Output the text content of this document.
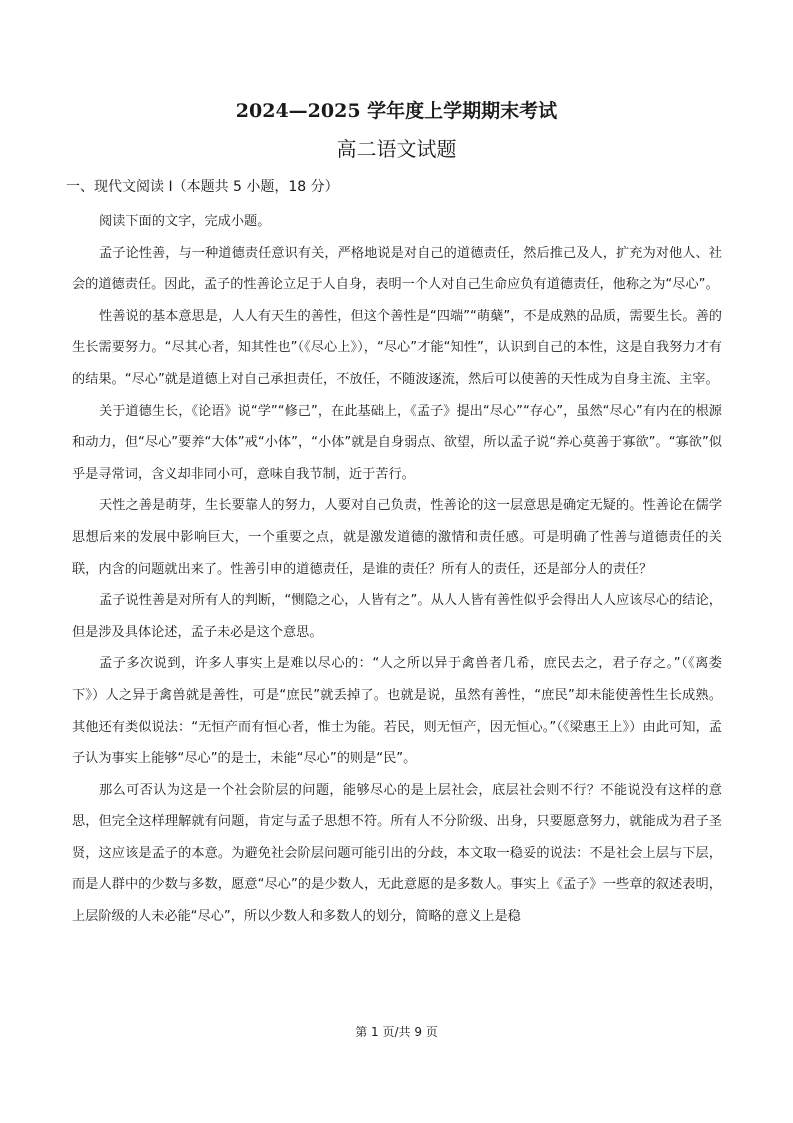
2024—2025 学年度上学期期末考试
高二语文试题
一、现代文阅读 I（本题共 5 小题，18 分）

阅读下面的文字，完成小题。

孟子论性善，与一种道德责任意识有关，严格地说是对自己的道德责任，然后推己及人，扩充为对他人、社会的道德责任。因此，孟子的性善论立足于人自身，表明一个人对自己生命应负有道德责任，他称之为“尽心”。

性善说的基本意思是，人人有天生的善性，但这个善性是“四端”“萌蘖”，不是成熟的品质，需要生长。善的生长需要努力。“尽其心者，知其性也”（《尽心上》），“尽心”才能“知性”，认识到自己的本性，这是自我努力才有的结果。“尽心”就是道德上对自己承担责任，不放任，不随波逐流，然后可以使善的天性成为自身主流、主宰。

关于道德生长，《论语》说“学”“修己”，在此基础上，《孟子》提出“尽心”“存心”，虽然“尽心”有内在的根源和动力，但“尽心”要养“大体”戒“小体”，“小体”就是自身弱点、欲望，所以孟子说“养心莫善于寡欲”。“寡欲”似乎是寻常词，含义却非同小可，意味自我节制，近于苦行。

天性之善是萌芽，生长要靠人的努力，人要对自己负责，性善论的这一层意思是确定无疑的。性善论在儒学思想后来的发展中影响巨大，一个重要之点，就是激发道德的激情和责任感。可是明确了性善与道德责任的关联，内含的问题就出来了。性善引申的道德责任，是谁的责任？所有人的责任，还是部分人的责任？

孟子说性善是对所有人的判断，“恻隐之心，人皆有之”。从人人皆有善性似乎会得出人人应该尽心的结论，但是涉及具体论述，孟子未必是这个意思。

孟子多次说到，许多人事实上是难以尽心的：“人之所以异于禽兽者几希，庶民去之，君子存之。”（《离娄下》）人之异于禽兽就是善性，可是“庶民”就丢掉了。也就是说，虽然有善性，“庶民”却未能使善性生长成熟。其他还有类似说法：“无恒产而有恒心者，惟士为能。若民，则无恒产，因无恒心。”（《梁惠王上》）由此可知，孟子认为事实上能够“尽心”的是士，未能“尽心”的则是“民”。

那么可否认为这是一个社会阶层的问题，能够尽心的是上层社会，底层社会则不行？不能说没有这样的意思，但完全这样理解就有问题，肯定与孟子思想不符。所有人不分阶级、出身，只要愿意努力，就能成为君子圣贤，这应该是孟子的本意。为避免社会阶层问题可能引出的分歧，本文取一稳妥的说法：不是社会上层与下层，而是人群中的少数与多数，愿意“尽心”的是少数人，无此意愿的是多数人。事实上《孟子》一些章的叙述表明，上层阶级的人未必能“尽心”，所以少数人和多数人的划分，简略的意义上是稳

第 1 页/共 9 页
